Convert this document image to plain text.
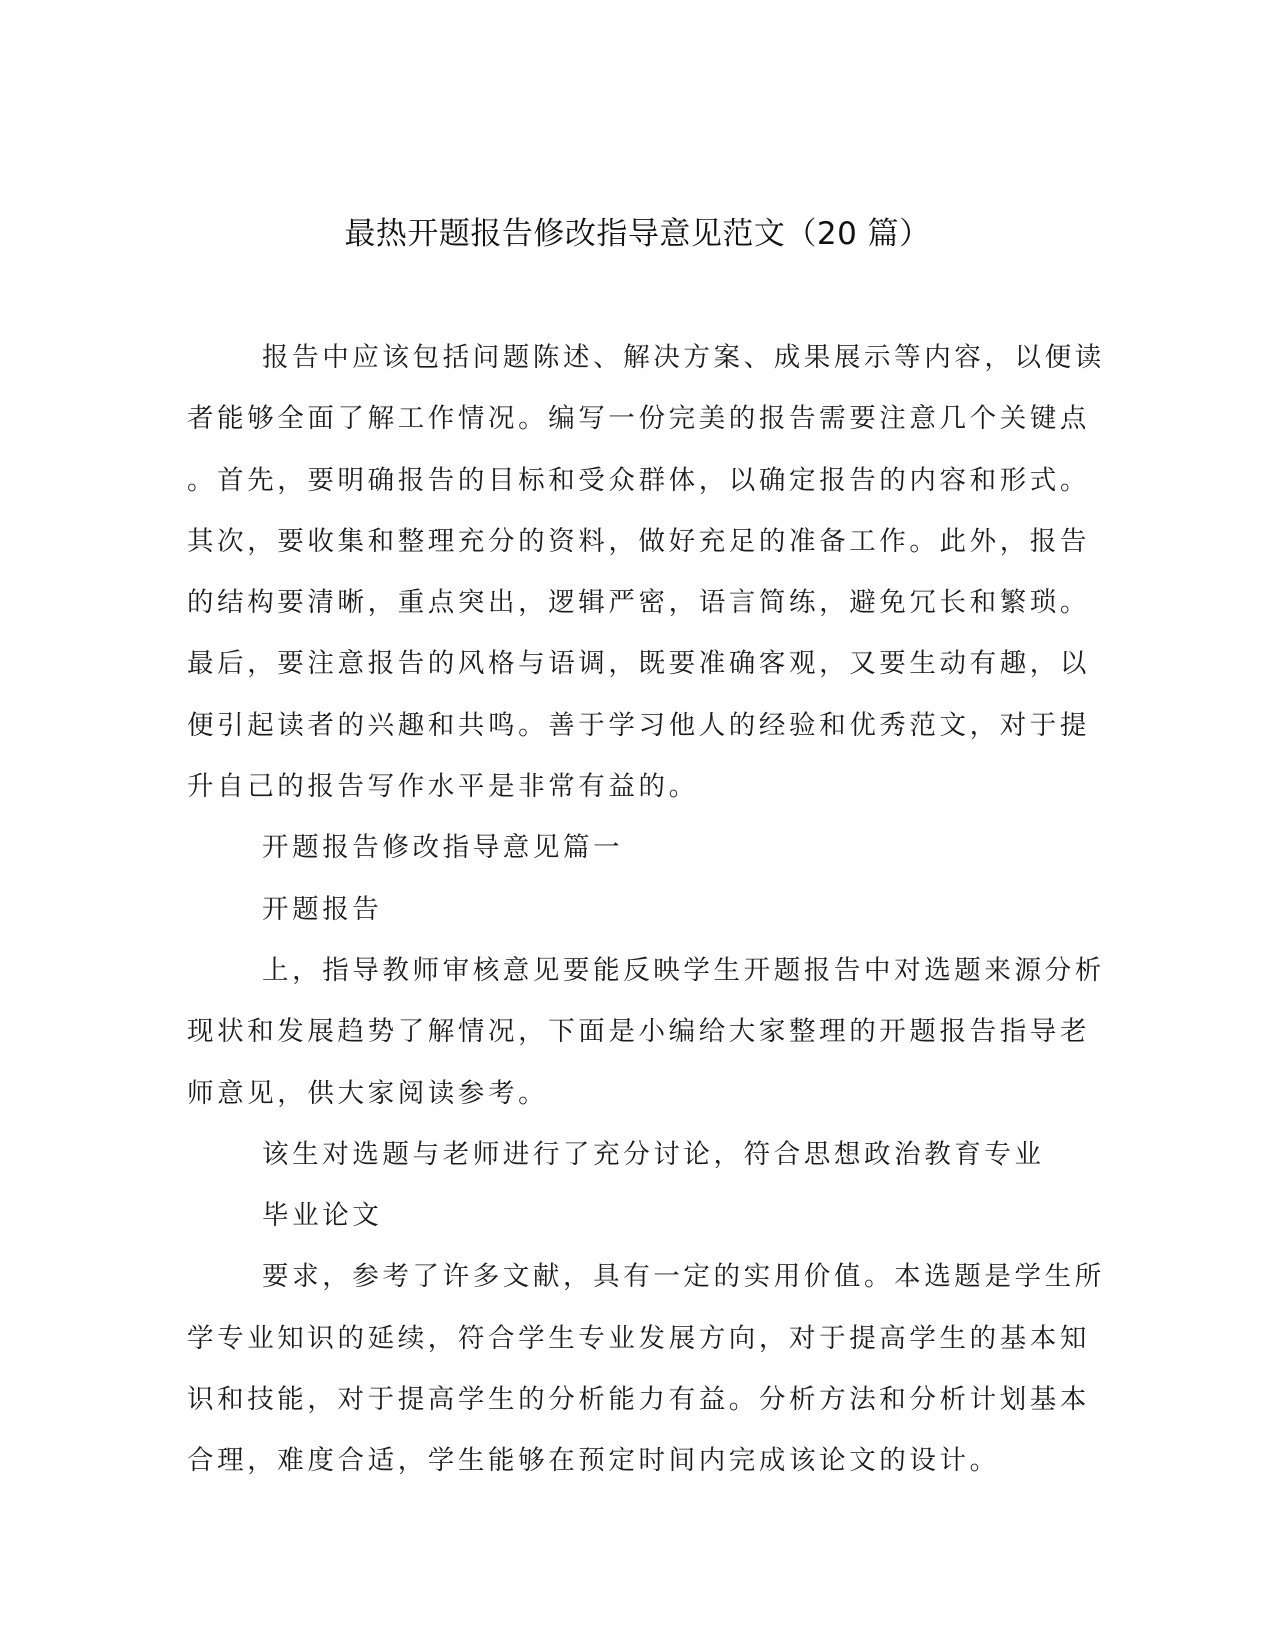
最热开题报告修改指导意见范文（20 篇）

报告中应该包括问题陈述、解决方案、成果展示等内容，以便读
者能够全面了解工作情况。编写一份完美的报告需要注意几个关键点
。首先，要明确报告的目标和受众群体，以确定报告的内容和形式。
其次，要收集和整理充分的资料，做好充足的准备工作。此外，报告
的结构要清晰，重点突出，逻辑严密，语言简练，避免冗长和繁琐。
最后，要注意报告的风格与语调，既要准确客观，又要生动有趣，以
便引起读者的兴趣和共鸣。善于学习他人的经验和优秀范文，对于提
升自己的报告写作水平是非常有益的。

开题报告修改指导意见篇一

开题报告

上，指导教师审核意见要能反映学生开题报告中对选题来源分析
现状和发展趋势了解情况，下面是小编给大家整理的开题报告指导老
师意见，供大家阅读参考。

该生对选题与老师进行了充分讨论，符合思想政治教育专业

毕业论文

要求，参考了许多文献，具有一定的实用价值。本选题是学生所
学专业知识的延续，符合学生专业发展方向，对于提高学生的基本知
识和技能，对于提高学生的分析能力有益。分析方法和分析计划基本
合理，难度合适，学生能够在预定时间内完成该论文的设计。
